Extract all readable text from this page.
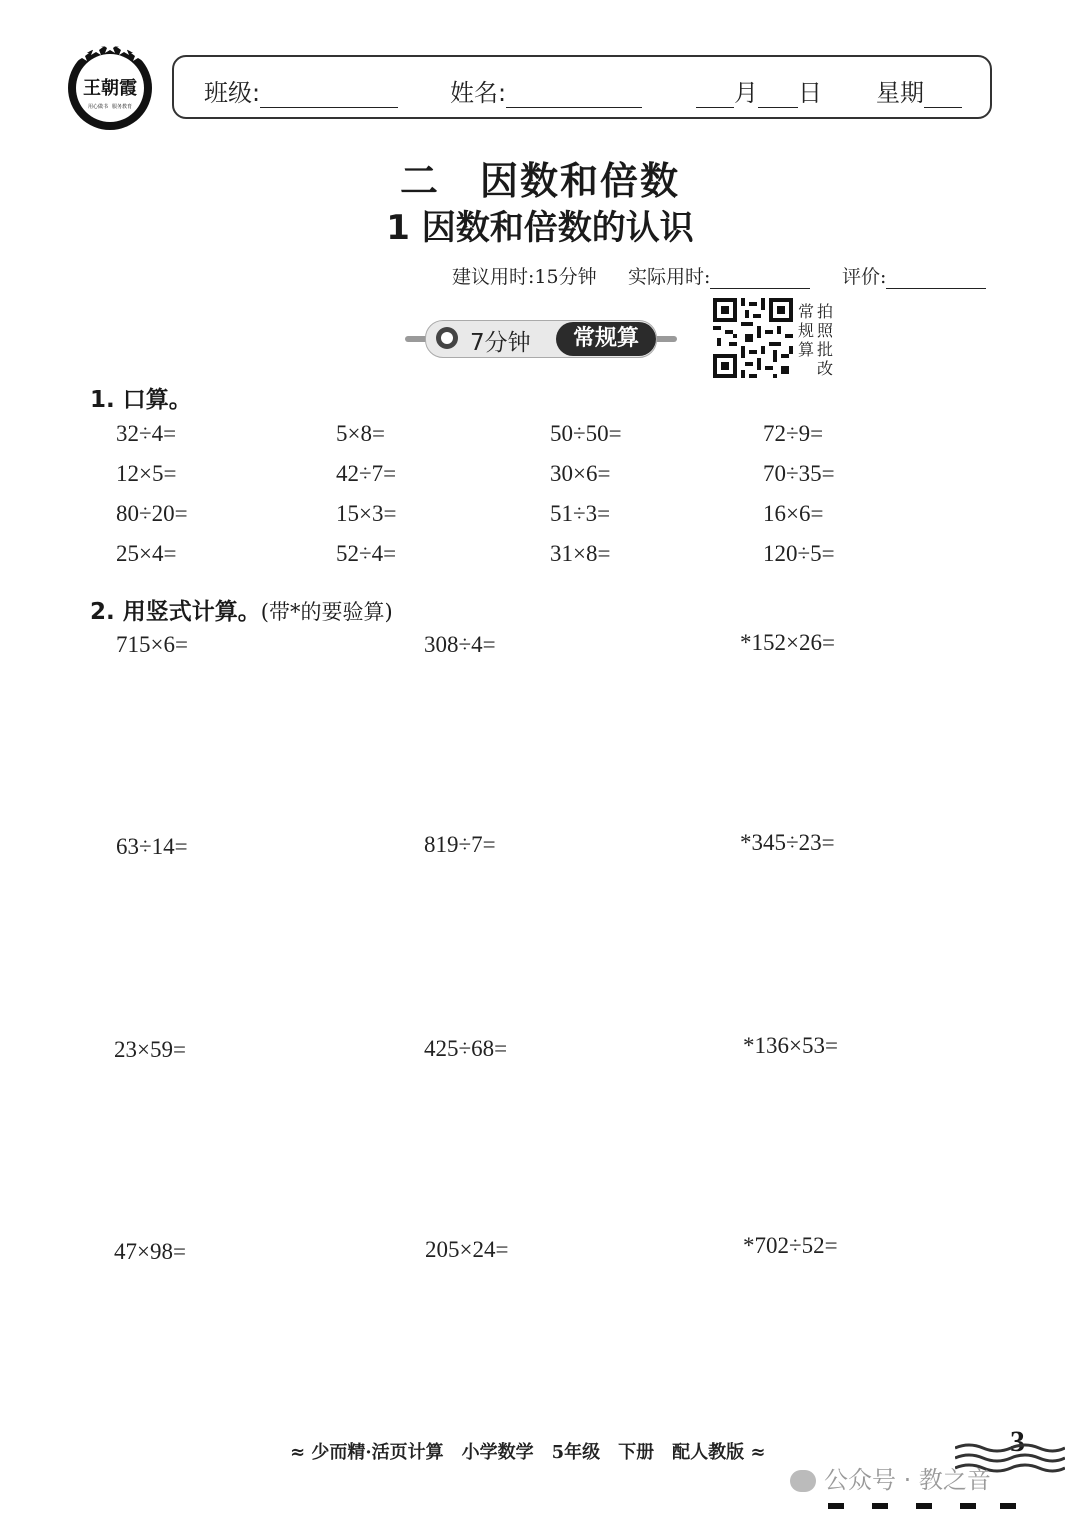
王朝霞
用心做书 服务教育	班级:	姓名:	月 日 星期
二　因数和倍数
1 因数和倍数的认识
建议用时:15分钟 实际用时:	评价:
7分钟	常规算
常规算
拍照批改
1. 口算。
32÷4=	5×8=	50÷50=	72÷9=
12×5=	42÷7=	30×6=	70÷35=
80÷20=	15×3=	51÷3=	16×6=
25×4=	52÷4=	31×8=	120÷5=
2. 用竖式计算。(带*的要验算)
715×6=	308÷4=	*152×26=
63÷14=	819÷7=	*345÷23=
23×59=	425÷68=	*136×53=
47×98=	205×24=	*702÷52=
≈ 少而精·活页计算　小学数学　5年级　下册　配人教版 ≈	3
公众号 · 教之音
